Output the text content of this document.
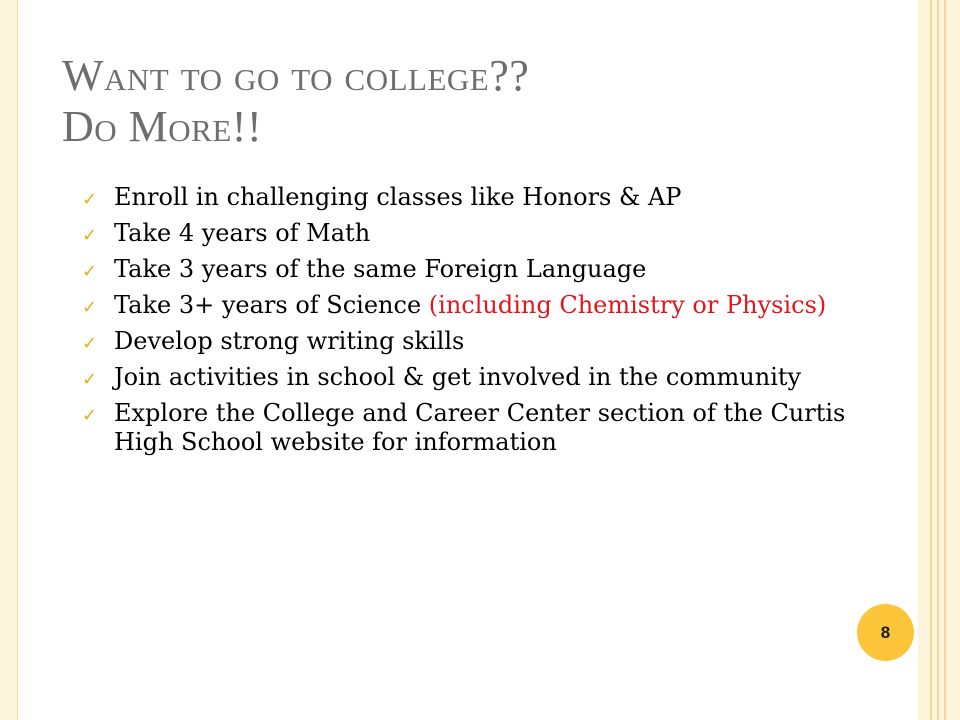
Want to go to college??
Do More!!
✓ Enroll in challenging classes like Honors & AP
✓ Take 4 years of Math
✓ Take 3 years of the same Foreign Language
✓ Take 3+ years of Science (including Chemistry or Physics)
✓ Develop strong writing skills
✓ Join activities in school & get involved in the community
✓ Explore the College and Career Center section of the Curtis High School website for information
8
